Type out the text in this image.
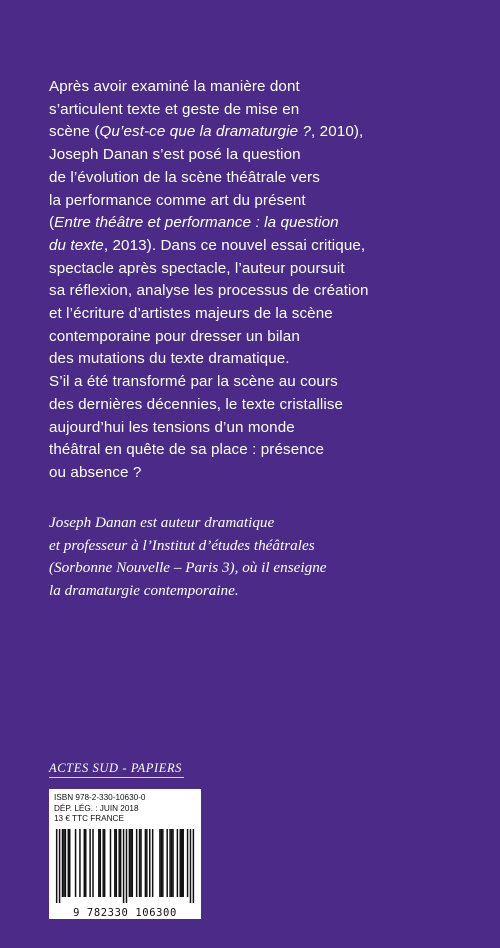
Après avoir examiné la manière dont
s’articulent texte et geste de mise en
scène (Qu’est-ce que la dramaturgie ?, 2010),
Joseph Danan s’est posé la question
de l’évolution de la scène théâtrale vers
la performance comme art du présent
(Entre théâtre et performance : la question
du texte, 2013). Dans ce nouvel essai critique,
spectacle après spectacle, l’auteur poursuit
sa réflexion, analyse les processus de création
et l’écriture d’artistes majeurs de la scène
contemporaine pour dresser un bilan
des mutations du texte dramatique.
S’il a été transformé par la scène au cours
des dernières décennies, le texte cristallise
aujourd’hui les tensions d’un monde
théâtral en quête de sa place : présence
ou absence ?
Joseph Danan est auteur dramatique
et professeur à l’Institut d’études théâtrales
(Sorbonne Nouvelle – Paris 3), où il enseigne
la dramaturgie contemporaine.
ACTES SUD - PAPIERS
ISBN 978-2-330-10630-0
DÉP. LÉG. : JUIN 2018
13 € TTC FRANCE
9 782330 106300
